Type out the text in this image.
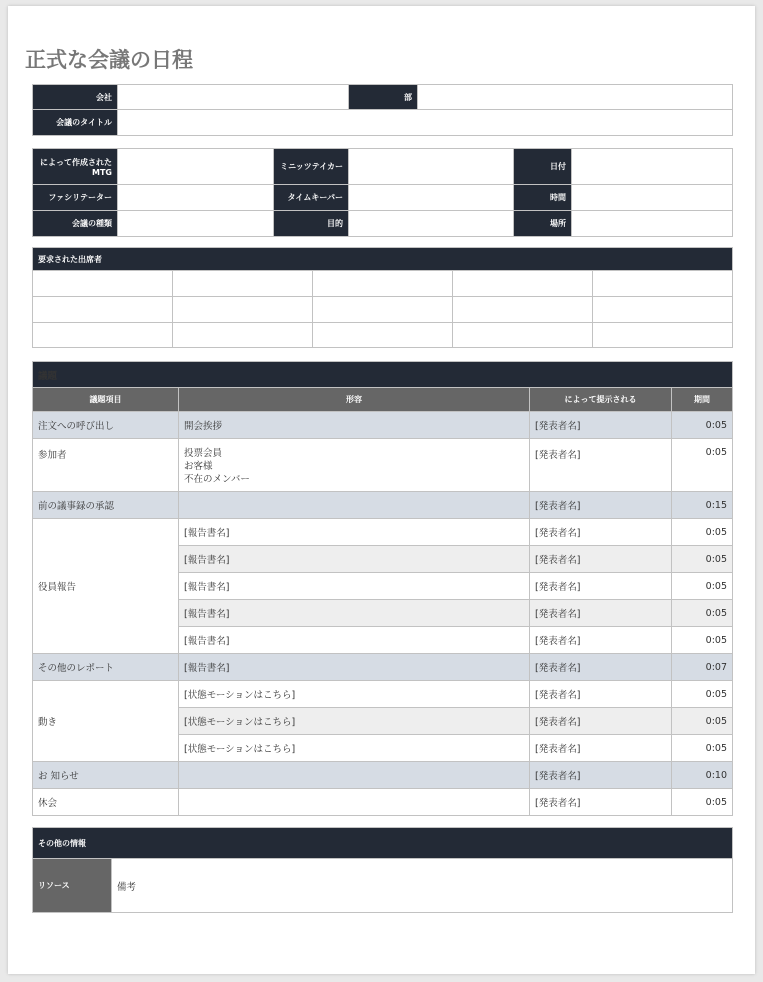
正式な会議の日程
会社		部	
会議のタイトル			
によって作成されたMTG		ミニッツテイカー		日付	
ファシリテーター		タイムキーパー		時間	
会議の種類		目的		場所	
要求された出席者				

議題			
議題項目	形容	によって提示される	期間
注文への呼び出し	開会挨拶	[発表者名]	0:05
参加者	投票会員
お客様
不在のメンバー	[発表者名]	0:05
前の議事録の承認		[発表者名]	0:15
役員報告	[報告書名]	[発表者名]	0:05
	[報告書名]	[発表者名]	0:05
	[報告書名]	[発表者名]	0:05
	[報告書名]	[発表者名]	0:05
	[報告書名]	[発表者名]	0:05
その他のレポート	[報告書名]	[発表者名]	0:07
動き	[状態モーションはこちら]	[発表者名]	0:05
	[状態モーションはこちら]	[発表者名]	0:05
	[状態モーションはこちら]	[発表者名]	0:05
お 知らせ		[発表者名]	0:10
休会		[発表者名]	0:05
その他の情報
リソース	備考
